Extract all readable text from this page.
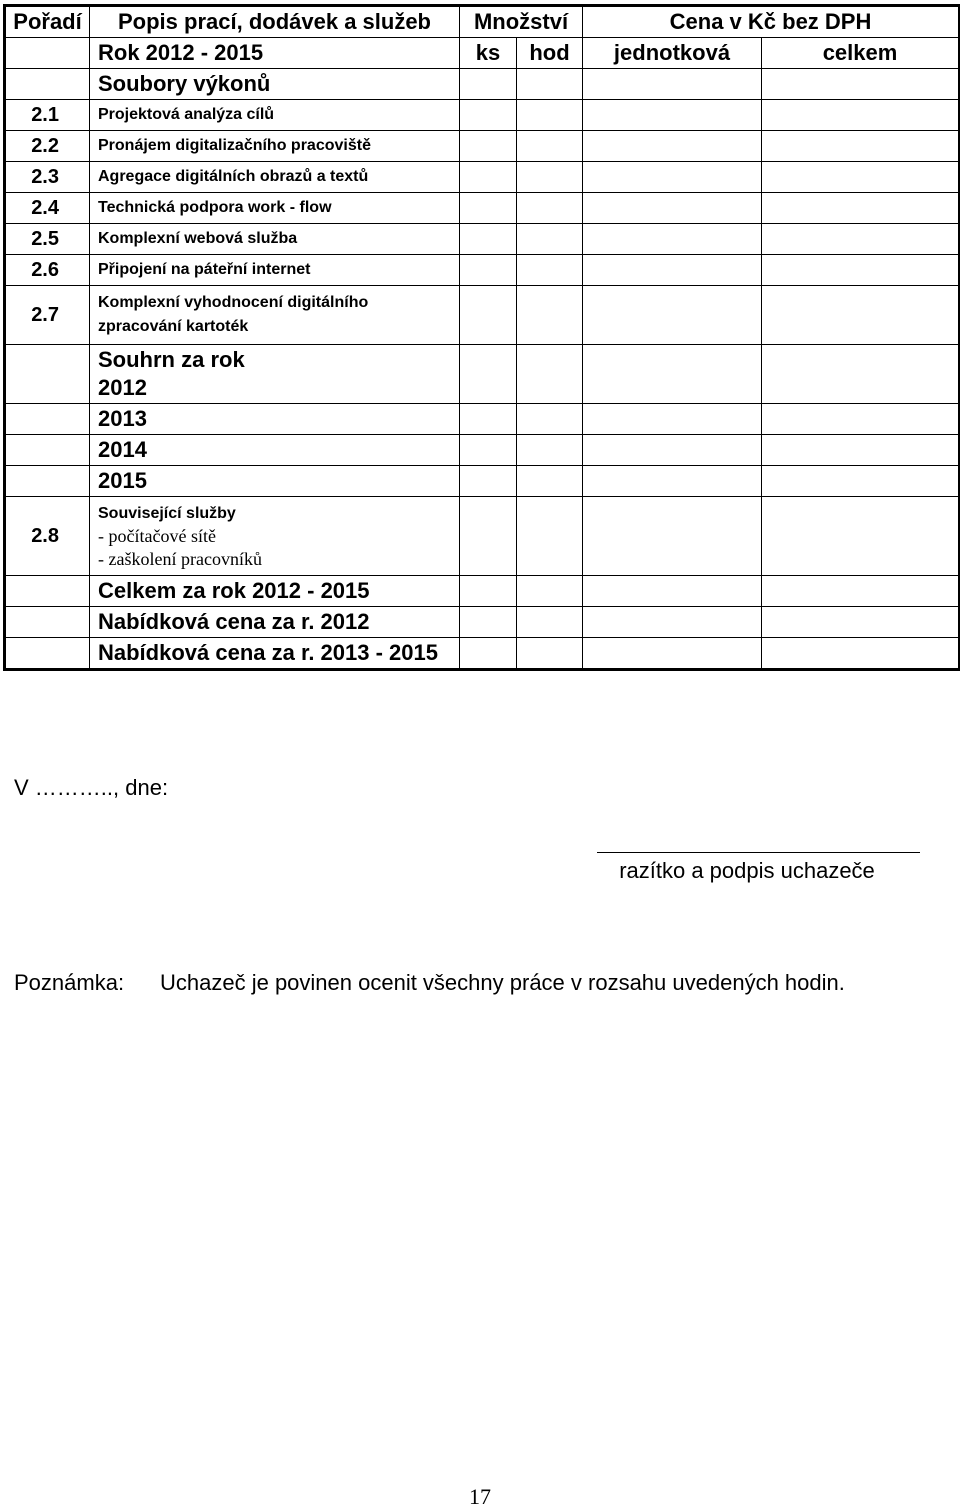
Pořadí	Popis prací, dodávek a služeb	Množství		Cena v Kč bez DPH	
	Rok 2012 - 2015	ks	hod	jednotková	celkem
	Soubory výkonů				
2.1	Projektová analýza cílů				
2.2	Pronájem digitalizačního pracoviště				
2.3	Agregace digitálních obrazů a textů				
2.4	Technická podpora work - flow				
2.5	Komplexní webová služba				
2.6	Připojení na páteřní internet				
2.7	Komplexní vyhodnocení digitálního
zpracování kartoték				

	Souhrn za rok
2012				

	2013				
	2014				
	2015				
2.8	Související služby
- počítačové sítě
- zaškolení pracovníků				

	Celkem za rok 2012 - 2015				
	Nabídková cena za r. 2012				
	Nabídková cena za r. 2013 - 2015				
V ……….., dne:
razítko a podpis uchazeče
Poznámka: Uchazeč je povinen ocenit všechny práce v rozsahu uvedených hodin.
17
